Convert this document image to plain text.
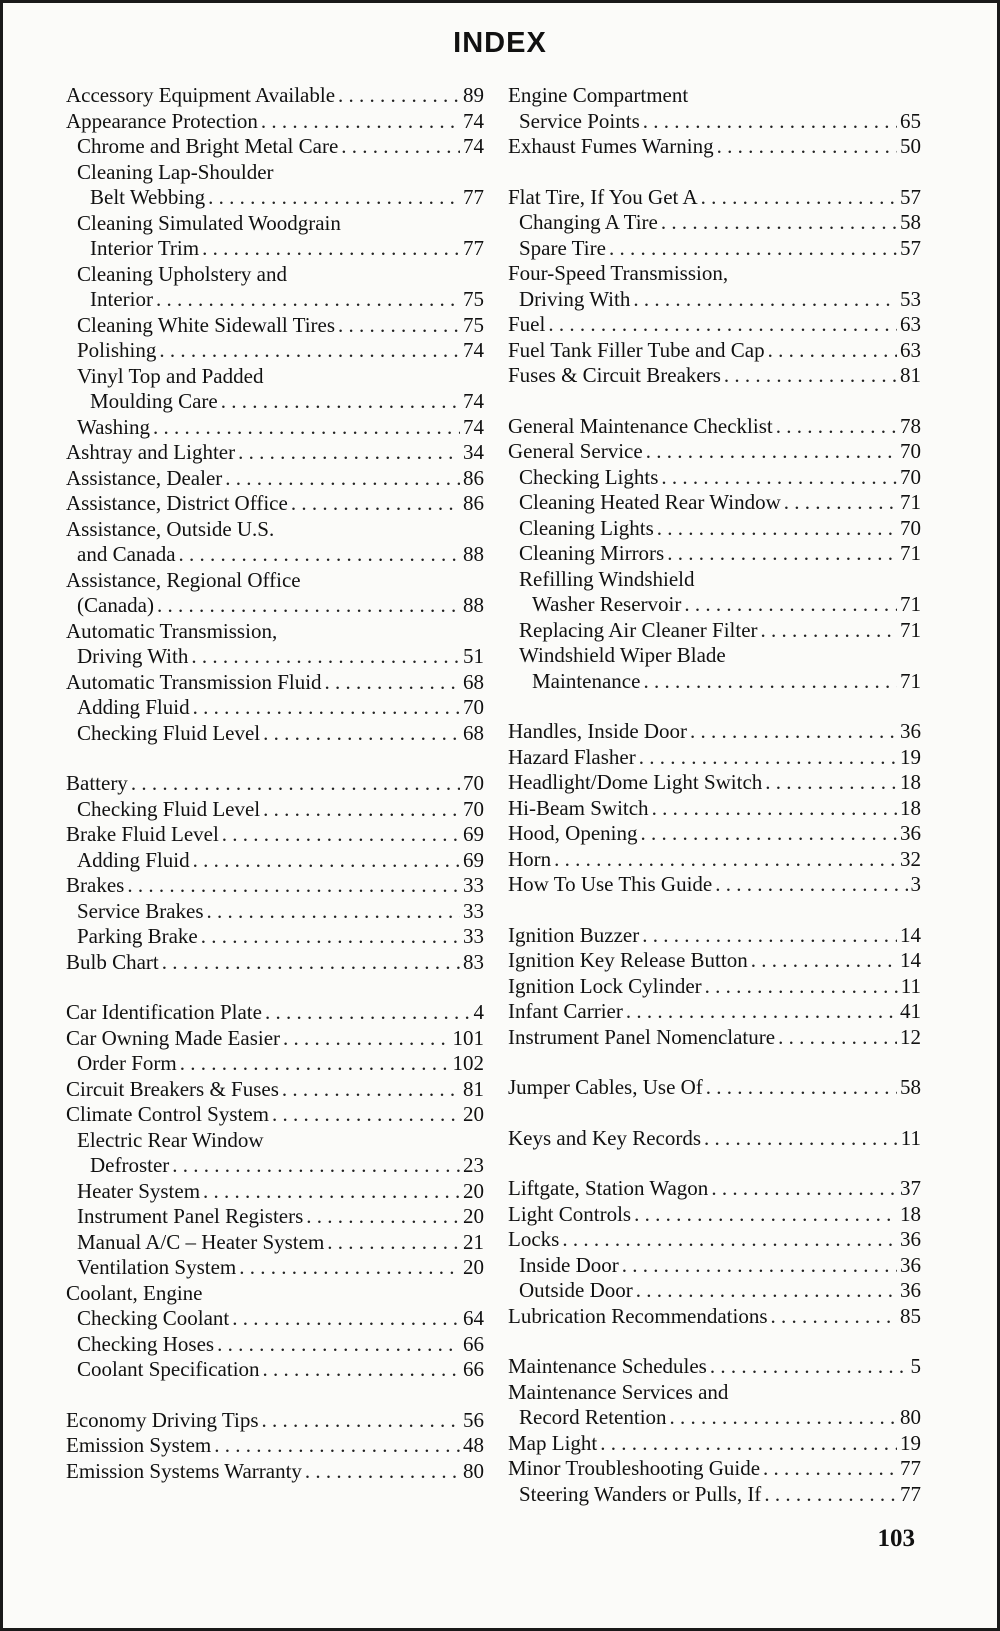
INDEX
Accessory Equipment Available . . .	89
Appearance Protection . . .	74
Chrome and Bright Metal Care . . .	74
Cleaning Lap-Shoulder
Belt Webbing . . .	77
Cleaning Simulated Woodgrain
Interior Trim . . .	77
Cleaning Upholstery and
Interior . . .	75
Cleaning White Sidewall Tires . . .	75
Polishing . . .	74
Vinyl Top and Padded
Moulding Care . . .	74
Washing . . .	74
Ashtray and Lighter . . .	34
Assistance, Dealer . . .	86
Assistance, District Office . . .	86
Assistance, Outside U.S.
and Canada . . .	88
Assistance, Regional Office
(Canada) . . .	88
Automatic Transmission,
Driving With . . .	51
Automatic Transmission Fluid . . .	68
Adding Fluid . . .	70
Checking Fluid Level . . .	68
Battery . . .	70
Checking Fluid Level . . .	70
Brake Fluid Level . . .	69
Adding Fluid . . .	69
Brakes . . .	33
Service Brakes . . .	33
Parking Brake . . .	33
Bulb Chart . . .	83
Car Identification Plate . . .	4
Car Owning Made Easier . . .	101
Order Form . . .	102
Circuit Breakers & Fuses . . .	81
Climate Control System . . .	20
Electric Rear Window
Defroster . . .	23
Heater System . . .	20
Instrument Panel Registers . . .	20
Manual A/C – Heater System . . .	21
Ventilation System . . .	20
Coolant, Engine
Checking Coolant . . .	64
Checking Hoses . . .	66
Coolant Specification . . .	66
Economy Driving Tips . . .	56
Emission System . . .	48
Emission Systems Warranty . . .	80
Engine Compartment
Service Points . . .	65
Exhaust Fumes Warning . . .	50
Flat Tire, If You Get A . . .	57
Changing A Tire . . .	58
Spare Tire . . .	57
Four-Speed Transmission,
Driving With . . .	53
Fuel . . .	63
Fuel Tank Filler Tube and Cap . . .	63
Fuses & Circuit Breakers . . .	81
General Maintenance Checklist . . .	78
General Service . . .	70
Checking Lights . . .	70
Cleaning Heated Rear Window . . .	71
Cleaning Lights . . .	70
Cleaning Mirrors . . .	71
Refilling Windshield
Washer Reservoir . . .	71
Replacing Air Cleaner Filter . . .	71
Windshield Wiper Blade
Maintenance . . .	71
Handles, Inside Door . . .	36
Hazard Flasher . . .	19
Headlight/Dome Light Switch . . .	18
Hi-Beam Switch . . .	18
Hood, Opening . . .	36
Horn . . .	32
How To Use This Guide . . .	3
Ignition Buzzer . . .	14
Ignition Key Release Button . . .	14
Ignition Lock Cylinder . . .	11
Infant Carrier . . .	41
Instrument Panel Nomenclature . . .	12
Jumper Cables, Use Of . . .	58
Keys and Key Records . . .	11
Liftgate, Station Wagon . . .	37
Light Controls . . .	18
Locks . . .	36
Inside Door . . .	36
Outside Door . . .	36
Lubrication Recommendations . . .	85
Maintenance Schedules . . .	5
Maintenance Services and
Record Retention . . .	80
Map Light . . .	19
Minor Troubleshooting Guide . . .	77
Steering Wanders or Pulls, If . . .	77
103
